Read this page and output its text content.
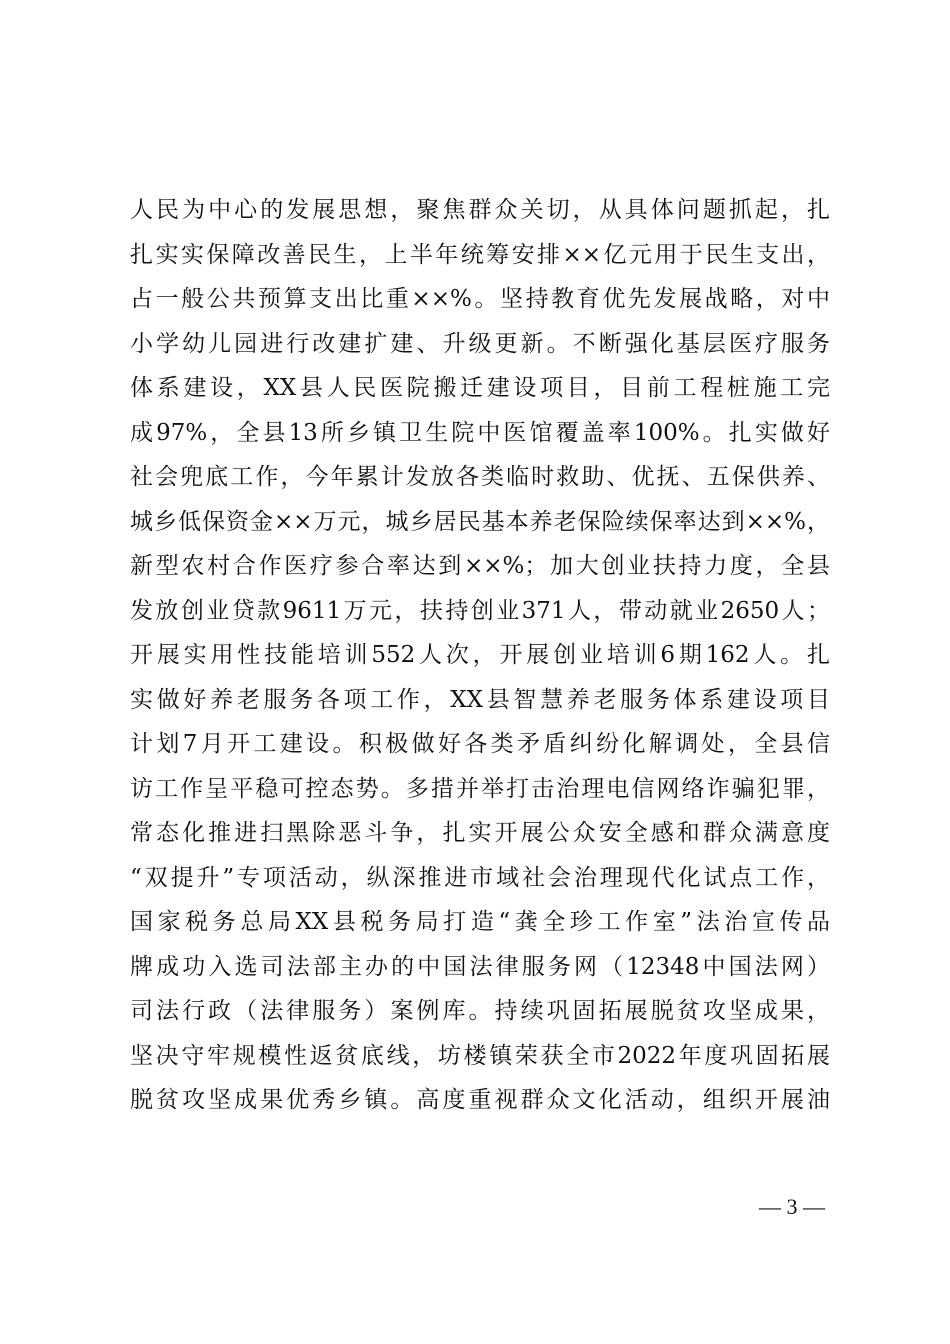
人民为中心的发展思想，聚焦群众关切，从具体问题抓起，扎
扎实实保障改善民生，上半年统筹安排××亿元用于民生支出，
占一般公共预算支出比重××%。坚持教育优先发展战略，对中
小学幼儿园进行改建扩建、升级更新。不断强化基层医疗服务
体系建设，XX县人民医院搬迁建设项目，目前工程桩施工完
成97%，全县13所乡镇卫生院中医馆覆盖率100%。扎实做好
社会兜底工作，今年累计发放各类临时救助、优抚、五保供养、
城乡低保资金××万元，城乡居民基本养老保险续保率达到××%，
新型农村合作医疗参合率达到××%；加大创业扶持力度，全县
发放创业贷款9611万元，扶持创业371人，带动就业2650人；
开展实用性技能培训552人次，开展创业培训6期162人。扎
实做好养老服务各项工作，XX县智慧养老服务体系建设项目
计划7月开工建设。积极做好各类矛盾纠纷化解调处，全县信
访工作呈平稳可控态势。多措并举打击治理电信网络诈骗犯罪，
常态化推进扫黑除恶斗争，扎实开展公众安全感和群众满意度
“双提升”专项活动，纵深推进市域社会治理现代化试点工作，
国家税务总局XX县税务局打造“龚全珍工作室”法治宣传品
牌成功入选司法部主办的中国法律服务网（12348中国法网）
司法行政（法律服务）案例库。持续巩固拓展脱贫攻坚成果，
坚决守牢规模性返贫底线，坊楼镇荣获全市2022年度巩固拓展
脱贫攻坚成果优秀乡镇。高度重视群众文化活动，组织开展油
— 3 —
